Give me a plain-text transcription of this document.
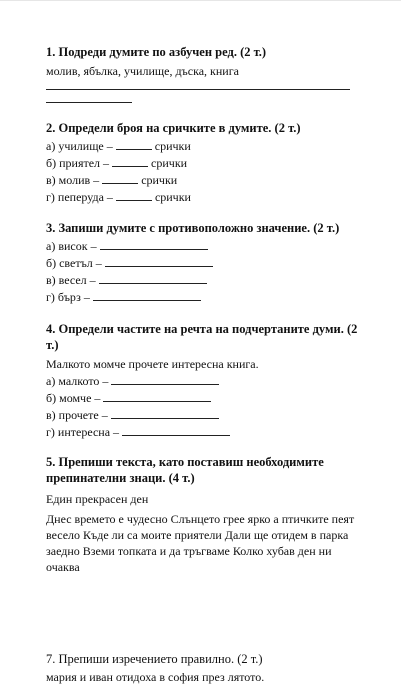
1. Подреди думите по азбучен ред. (2 т.)
молив, ябълка, училище, дъска, книга
2. Определи броя на сричките в думите. (2 т.)
а) училище –	срички
б) приятел –	срички
в) молив –	срички
г) пеперуда –	срички
3. Запиши думите с противоположно значение. (2 т.)
а) висок –
б) светъл –
в) весел –
г) бърз –
4. Определи частите на речта на подчертаните думи. (2
т.)
Малкото момче прочете интересна книга.
а) малкото –
б) момче –
в) прочете –
г) интересна –
5. Препиши текста, като поставиш необходимите
препинателни знаци. (4 т.)
Един прекрасен ден
Днес времето е чудесно Слънцето грее ярко а птичките пеят весело Къде ли са моите приятели Дали ще отидем в парка заедно Вземи топката и да тръгваме Колко хубав ден ни очаква
7. Препиши изречението правилно. (2 т.)
мария и иван отидоха в софия през лятото.
